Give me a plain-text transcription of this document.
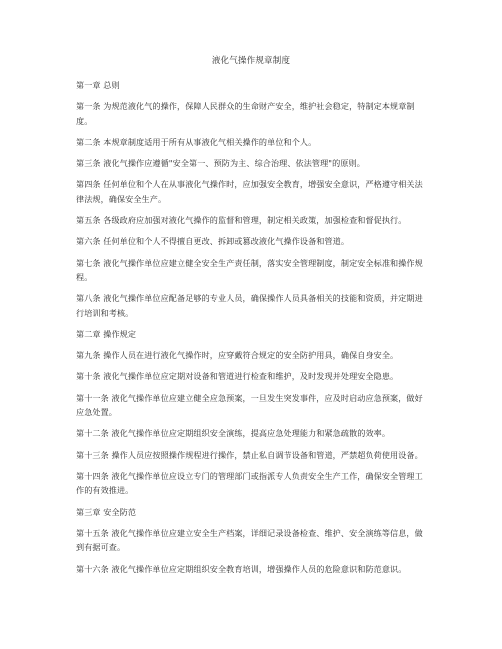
液化气操作规章制度

第一章 总则

第一条 为规范液化气的操作，保障人民群众的生命财产安全，维护社会稳定，特制定本规章制度。

第二条 本规章制度适用于所有从事液化气相关操作的单位和个人。

第三条 液化气操作应遵循"安全第一、预防为主、综合治理、依法管理"的原则。

第四条 任何单位和个人在从事液化气操作时，应加强安全教育，增强安全意识，严格遵守相关法律法规，确保安全生产。

第五条 各级政府应加强对液化气操作的监督和管理，制定相关政策，加强检查和督促执行。

第六条 任何单位和个人不得擅自更改、拆卸或篡改液化气操作设备和管道。

第七条 液化气操作单位应建立健全安全生产责任制，落实安全管理制度，制定安全标准和操作规程。

第八条 液化气操作单位应配备足够的专业人员，确保操作人员具备相关的技能和资质，并定期进行培训和考核。

第二章 操作规定

第九条 操作人员在进行液化气操作时，应穿戴符合规定的安全防护用具，确保自身安全。

第十条 液化气操作单位应定期对设备和管道进行检查和维护，及时发现并处理安全隐患。

第十一条 液化气操作单位应建立健全应急预案，一旦发生突发事件，应及时启动应急预案，做好应急处置。

第十二条 液化气操作单位应定期组织安全演练，提高应急处理能力和紧急疏散的效率。

第十三条 操作人员应按照操作规程进行操作，禁止私自调节设备和管道，严禁超负荷使用设备。

第十四条 液化气操作单位应设立专门的管理部门或指派专人负责安全生产工作，确保安全管理工作的有效推进。

第三章 安全防范

第十五条 液化气操作单位应建立安全生产档案，详细记录设备检查、维护、安全演练等信息，做到有据可查。

第十六条 液化气操作单位应定期组织安全教育培训，增强操作人员的危险意识和防范意识。
